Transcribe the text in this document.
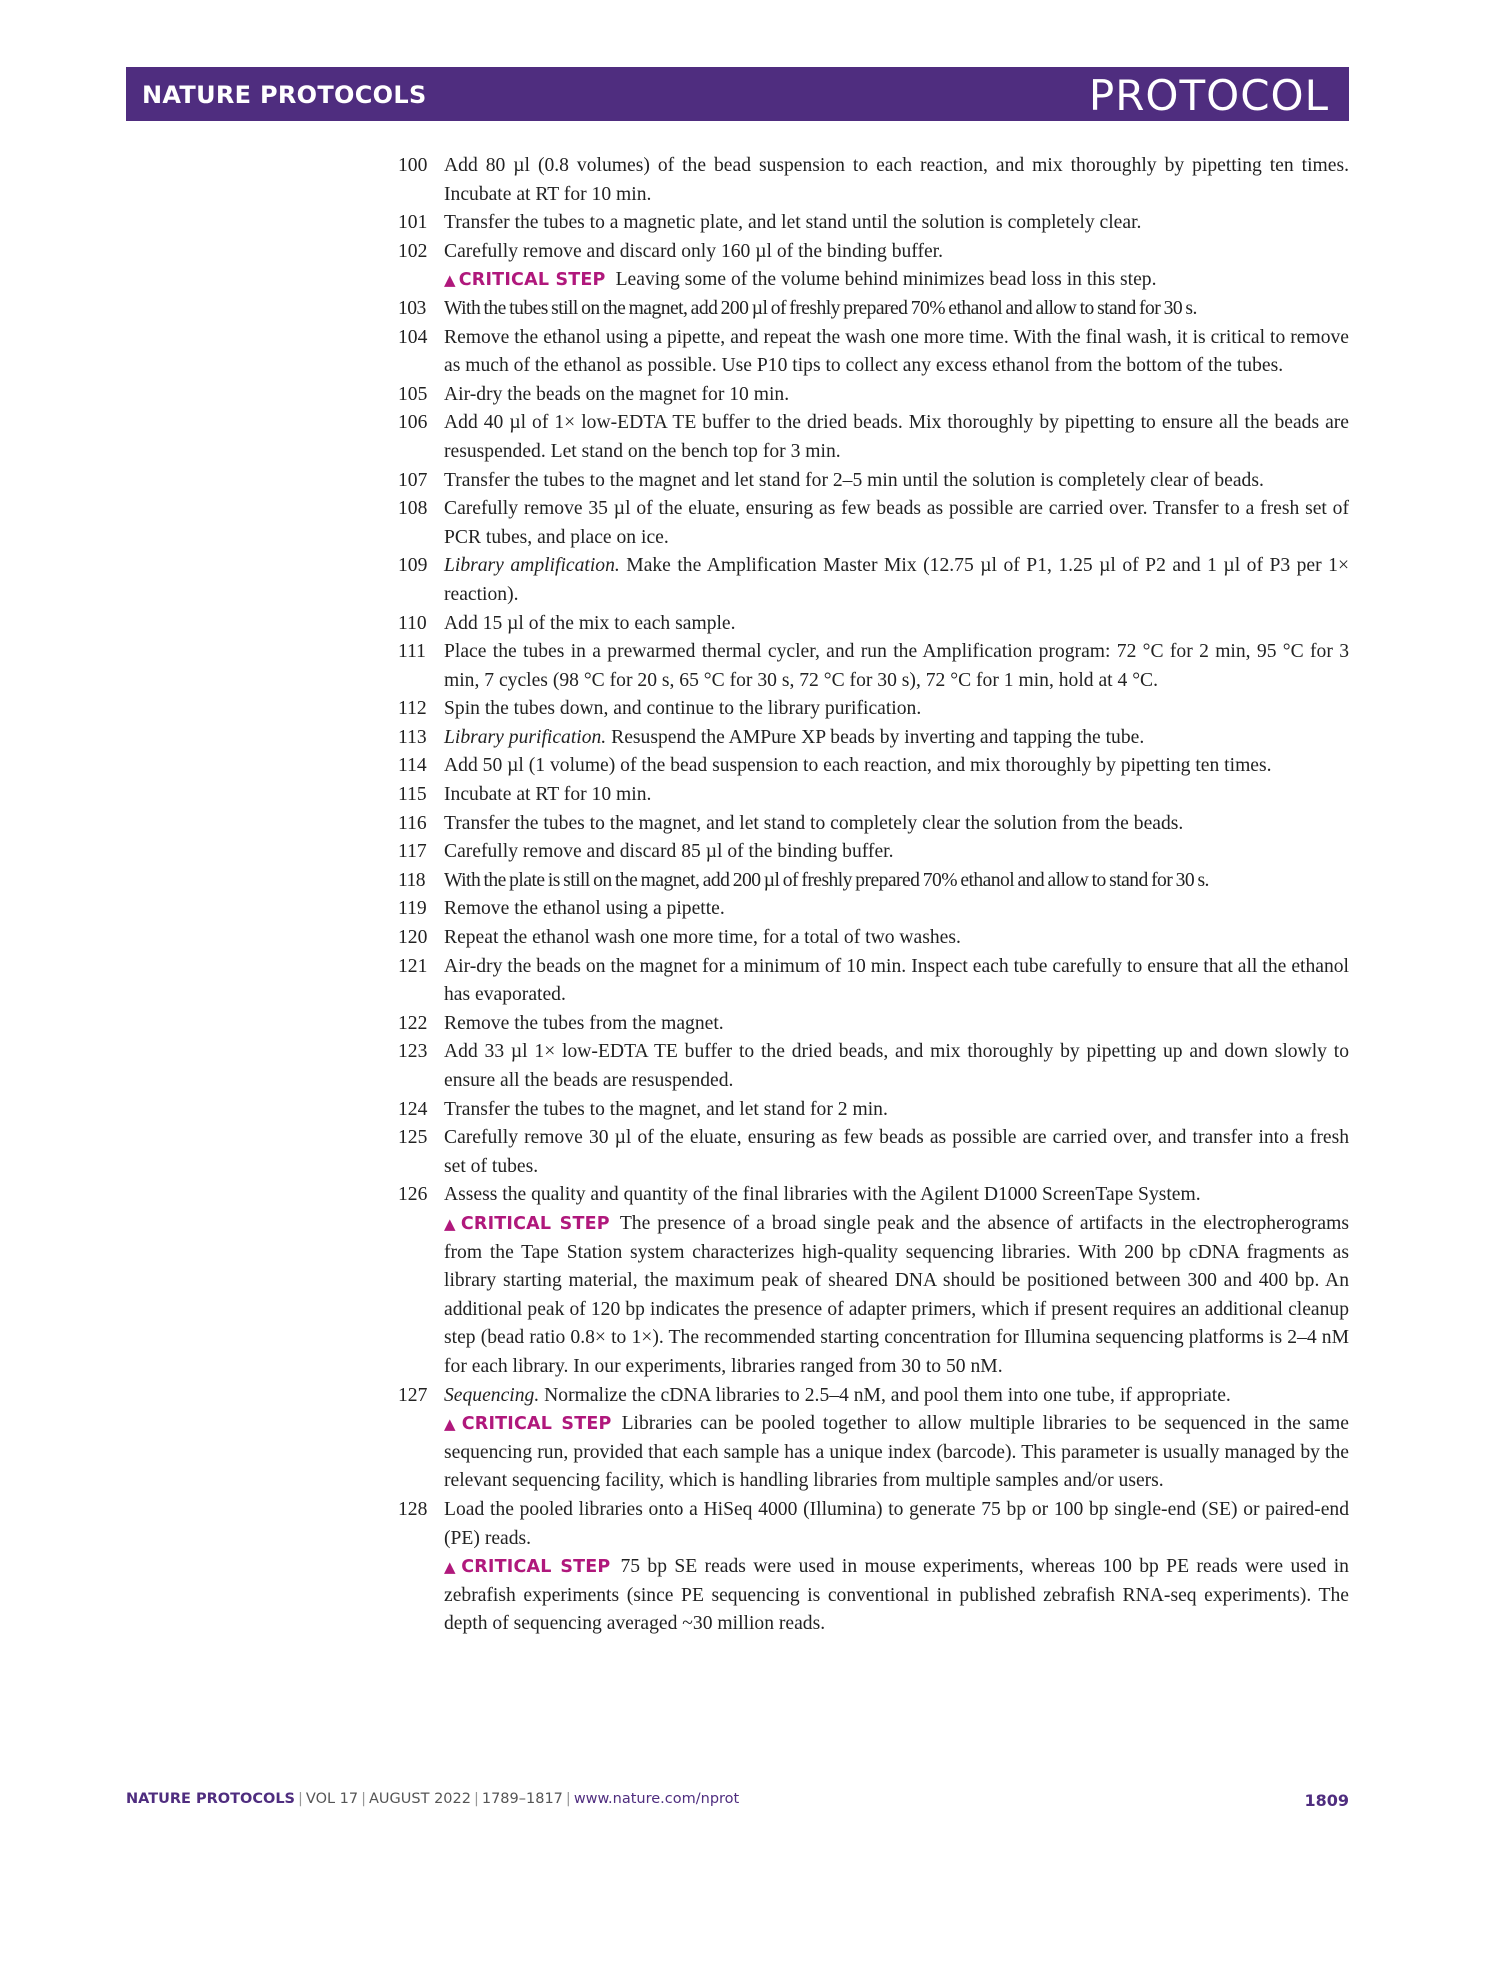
NATURE PROTOCOLS	PROTOCOL
100 Add 80 µl (0.8 volumes) of the bead suspension to each reaction, and mix thoroughly by pipetting ten times. Incubate at RT for 10 min.
101 Transfer the tubes to a magnetic plate, and let stand until the solution is completely clear.
102 Carefully remove and discard only 160 µl of the binding buffer.
▲ CRITICAL STEP Leaving some of the volume behind minimizes bead loss in this step.
103 With the tubes still on the magnet, add 200 µl of freshly prepared 70% ethanol and allow to stand for 30 s.
104 Remove the ethanol using a pipette, and repeat the wash one more time. With the final wash, it is critical to remove as much of the ethanol as possible. Use P10 tips to collect any excess ethanol from the bottom of the tubes.
105 Air-dry the beads on the magnet for 10 min.
106 Add 40 µl of 1× low-EDTA TE buffer to the dried beads. Mix thoroughly by pipetting to ensure all the beads are resuspended. Let stand on the bench top for 3 min.
107 Transfer the tubes to the magnet and let stand for 2–5 min until the solution is completely clear of beads.
108 Carefully remove 35 µl of the eluate, ensuring as few beads as possible are carried over. Transfer to a fresh set of PCR tubes, and place on ice.
109 Library amplification. Make the Amplification Master Mix (12.75 µl of P1, 1.25 µl of P2 and 1 µl of P3 per 1× reaction).
110 Add 15 µl of the mix to each sample.
111 Place the tubes in a prewarmed thermal cycler, and run the Amplification program: 72 °C for 2 min, 95 °C for 3 min, 7 cycles (98 °C for 20 s, 65 °C for 30 s, 72 °C for 30 s), 72 °C for 1 min, hold at 4 °C.
112 Spin the tubes down, and continue to the library purification.
113 Library purification. Resuspend the AMPure XP beads by inverting and tapping the tube.
114 Add 50 µl (1 volume) of the bead suspension to each reaction, and mix thoroughly by pipetting ten times.
115 Incubate at RT for 10 min.
116 Transfer the tubes to the magnet, and let stand to completely clear the solution from the beads.
117 Carefully remove and discard 85 µl of the binding buffer.
118 With the plate is still on the magnet, add 200 µl of freshly prepared 70% ethanol and allow to stand for 30 s.
119 Remove the ethanol using a pipette.
120 Repeat the ethanol wash one more time, for a total of two washes.
121 Air-dry the beads on the magnet for a minimum of 10 min. Inspect each tube carefully to ensure that all the ethanol has evaporated.
122 Remove the tubes from the magnet.
123 Add 33 µl 1× low-EDTA TE buffer to the dried beads, and mix thoroughly by pipetting up and down slowly to ensure all the beads are resuspended.
124 Transfer the tubes to the magnet, and let stand for 2 min.
125 Carefully remove 30 µl of the eluate, ensuring as few beads as possible are carried over, and transfer into a fresh set of tubes.
126 Assess the quality and quantity of the final libraries with the Agilent D1000 ScreenTape System.
▲ CRITICAL STEP The presence of a broad single peak and the absence of artifacts in the electropherograms from the Tape Station system characterizes high-quality sequencing libraries. With 200 bp cDNA fragments as library starting material, the maximum peak of sheared DNA should be positioned between 300 and 400 bp. An additional peak of 120 bp indicates the presence of adapter primers, which if present requires an additional cleanup step (bead ratio 0.8× to 1×). The recommended starting concentration for Illumina sequencing platforms is 2–4 nM for each library. In our experiments, libraries ranged from 30 to 50 nM.
127 Sequencing. Normalize the cDNA libraries to 2.5–4 nM, and pool them into one tube, if appropriate.
▲ CRITICAL STEP Libraries can be pooled together to allow multiple libraries to be sequenced in the same sequencing run, provided that each sample has a unique index (barcode). This parameter is usually managed by the relevant sequencing facility, which is handling libraries from multiple samples and/or users.
128 Load the pooled libraries onto a HiSeq 4000 (Illumina) to generate 75 bp or 100 bp single-end (SE) or paired-end (PE) reads.
▲ CRITICAL STEP 75 bp SE reads were used in mouse experiments, whereas 100 bp PE reads were used in zebrafish experiments (since PE sequencing is conventional in published zebrafish RNA-seq experiments). The depth of sequencing averaged ~30 million reads.
NATURE PROTOCOLS | VOL 17 | AUGUST 2022 | 1789–1817 | www.nature.com/nprot	1809
